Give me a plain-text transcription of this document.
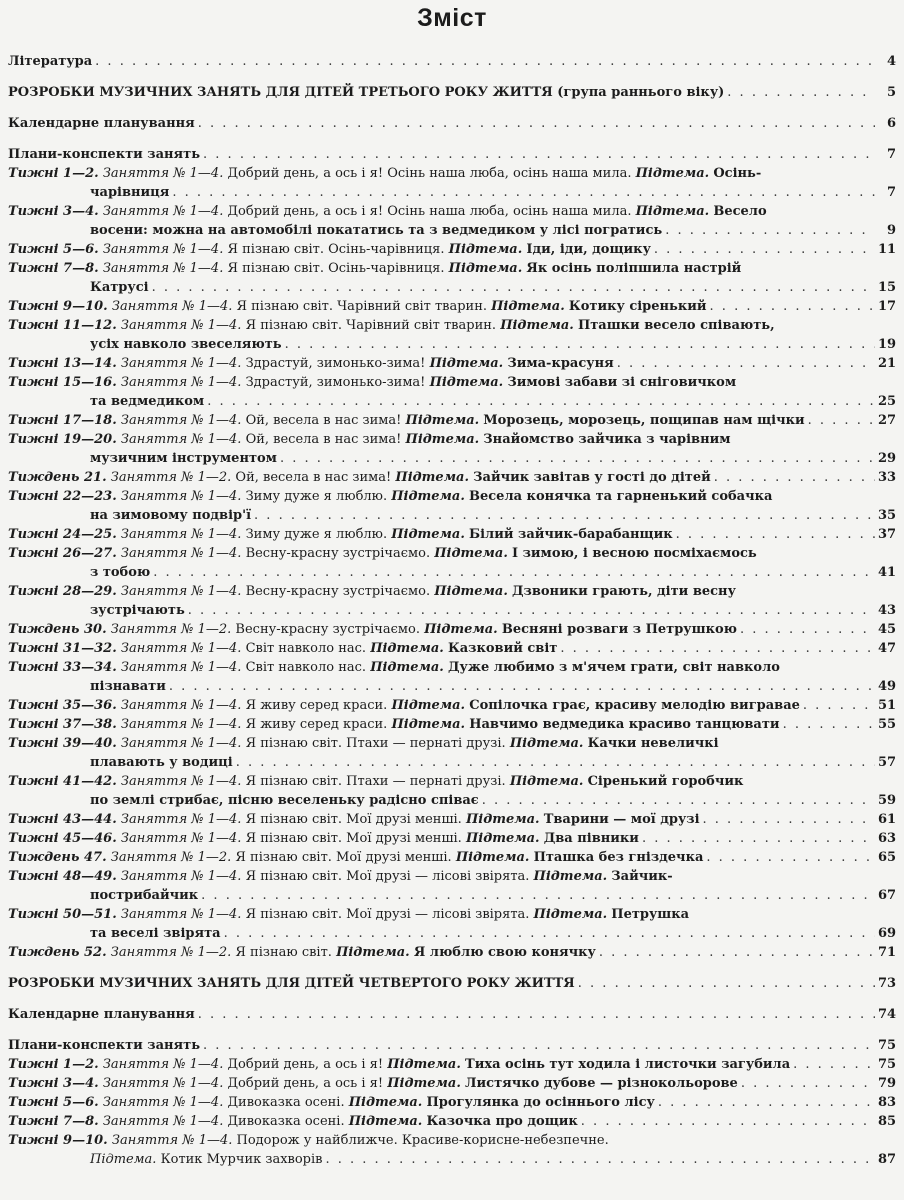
Зміст
Література . . .	4
РОЗРОБКИ МУЗИЧНИХ ЗАНЯТЬ ДЛЯ ДІТЕЙ ТРЕТЬОГО РОКУ ЖИТТЯ (група раннього віку) . . .	5
Календарне планування . . .	6
Плани-конспекти занять . . .	7
Тижні 1—2. Заняття № 1—4. Добрий день, а ось і я! Осінь наша люба, осінь наша мила. Підтема. Осінь-
чарівниця . . .	7
Тижні 3—4. Заняття № 1—4. Добрий день, а ось і я! Осінь наша люба, осінь наша мила. Підтема. Весело
восени: можна на автомобілі покататись та з ведмедиком у лісі погратись . . .	9
Тижні 5—6. Заняття № 1—4. Я пізнаю світ. Осінь-чарівниця. Підтема. Іди, іди, дощику . . .	11
Тижні 7—8. Заняття № 1—4. Я пізнаю світ. Осінь-чарівниця. Підтема. Як осінь поліпшила настрій
Катрусі . . .	15
Тижні 9—10. Заняття № 1—4. Я пізнаю світ. Чарівний світ тварин. Підтема. Котику сіренький . . .	17
Тижні 11—12. Заняття № 1—4. Я пізнаю світ. Чарівний світ тварин. Підтема. Пташки весело співають,
усіх навколо звеселяють . . .	19
Тижні 13—14. Заняття № 1—4. Здрастуй, зимонько-зима! Підтема. Зима-красуня . . .	21
Тижні 15—16. Заняття № 1—4. Здрастуй, зимонько-зима! Підтема. Зимові забави зі сніговичком
та ведмедиком . . .	25
Тижні 17—18. Заняття № 1—4. Ой, весела в нас зима! Підтема. Морозець, морозець, пощипав нам щічки . . .	27
Тижні 19—20. Заняття № 1—4. Ой, весела в нас зима! Підтема. Знайомство зайчика з чарівним
музичним інструментом . . .	29
Тиждень 21. Заняття № 1—2. Ой, весела в нас зима! Підтема. Зайчик завітав у гості до дітей . . .	33
Тижні 22—23. Заняття № 1—4. Зиму дуже я люблю. Підтема. Весела конячка та гарненький собачка
на зимовому подвір'ї . . .	35
Тижні 24—25. Заняття № 1—4. Зиму дуже я люблю. Підтема. Білий зайчик-барабанщик . . .	37
Тижні 26—27. Заняття № 1—4. Весну-красну зустрічаємо. Підтема. І зимою, і весною посміхаємось
з тобою . . .	41
Тижні 28—29. Заняття № 1—4. Весну-красну зустрічаємо. Підтема. Дзвоники грають, діти весну
зустрічають . . .	43
Тиждень 30. Заняття № 1—2. Весну-красну зустрічаємо. Підтема. Весняні розваги з Петрушкою . . .	45
Тижні 31—32. Заняття № 1—4. Світ навколо нас. Підтема. Казковий світ . . .	47
Тижні 33—34. Заняття № 1—4. Світ навколо нас. Підтема. Дуже любимо з м'ячем грати, світ навколо
пізнавати . . .	49
Тижні 35—36. Заняття № 1—4. Я живу серед краси. Підтема. Сопілочка грає, красиву мелодію вигравае . . .	51
Тижні 37—38. Заняття № 1—4. Я живу серед краси. Підтема. Навчимо ведмедика красиво танцювати . . .	55
Тижні 39—40. Заняття № 1—4. Я пізнаю світ. Птахи — пернаті друзі. Підтема. Качки невеличкі
плавають у водиці . . .	57
Тижні 41—42. Заняття № 1—4. Я пізнаю світ. Птахи — пернаті друзі. Підтема. Сіренький горобчик
по землі стрибає, пісню веселеньку радісно співає . . .	59
Тижні 43—44. Заняття № 1—4. Я пізнаю світ. Мої друзі менші. Підтема. Тварини — мої друзі . . .	61
Тижні 45—46. Заняття № 1—4. Я пізнаю світ. Мої друзі менші. Підтема. Два півники . . .	63
Тиждень 47. Заняття № 1—2. Я пізнаю світ. Мої друзі менші. Підтема. Пташка без гніздечка . . .	65
Тижні 48—49. Заняття № 1—4. Я пізнаю світ. Мої друзі — лісові звірята. Підтема. Зайчик-
пострибайчик . . .	67
Тижні 50—51. Заняття № 1—4. Я пізнаю світ. Мої друзі — лісові звірята. Підтема. Петрушка
та веселі звірята . . .	69
Тиждень 52. Заняття № 1—2. Я пізнаю світ. Підтема. Я люблю свою конячку . . .	71
РОЗРОБКИ МУЗИЧНИХ ЗАНЯТЬ ДЛЯ ДІТЕЙ ЧЕТВЕРТОГО РОКУ ЖИТТЯ . . .	73
Календарне планування . . .	74
Плани-конспекти занять . . .	75
Тижні 1—2. Заняття № 1—4. Добрий день, а ось і я! Підтема. Тиха осінь тут ходила і листочки загубила . . .	75
Тижні 3—4. Заняття № 1—4. Добрий день, а ось і я! Підтема. Листячко дубове — різнокольорове . . .	79
Тижні 5—6. Заняття № 1—4. Дивоказка осені. Підтема. Прогулянка до осіннього лісу . . .	83
Тижні 7—8. Заняття № 1—4. Дивоказка осені. Підтема. Казочка про дощик . . .	85
Тижні 9—10. Заняття № 1—4. Подорож у найближче. Красиве-корисне-небезпечне.
Підтема. Котик Мурчик захворів . . .	87
